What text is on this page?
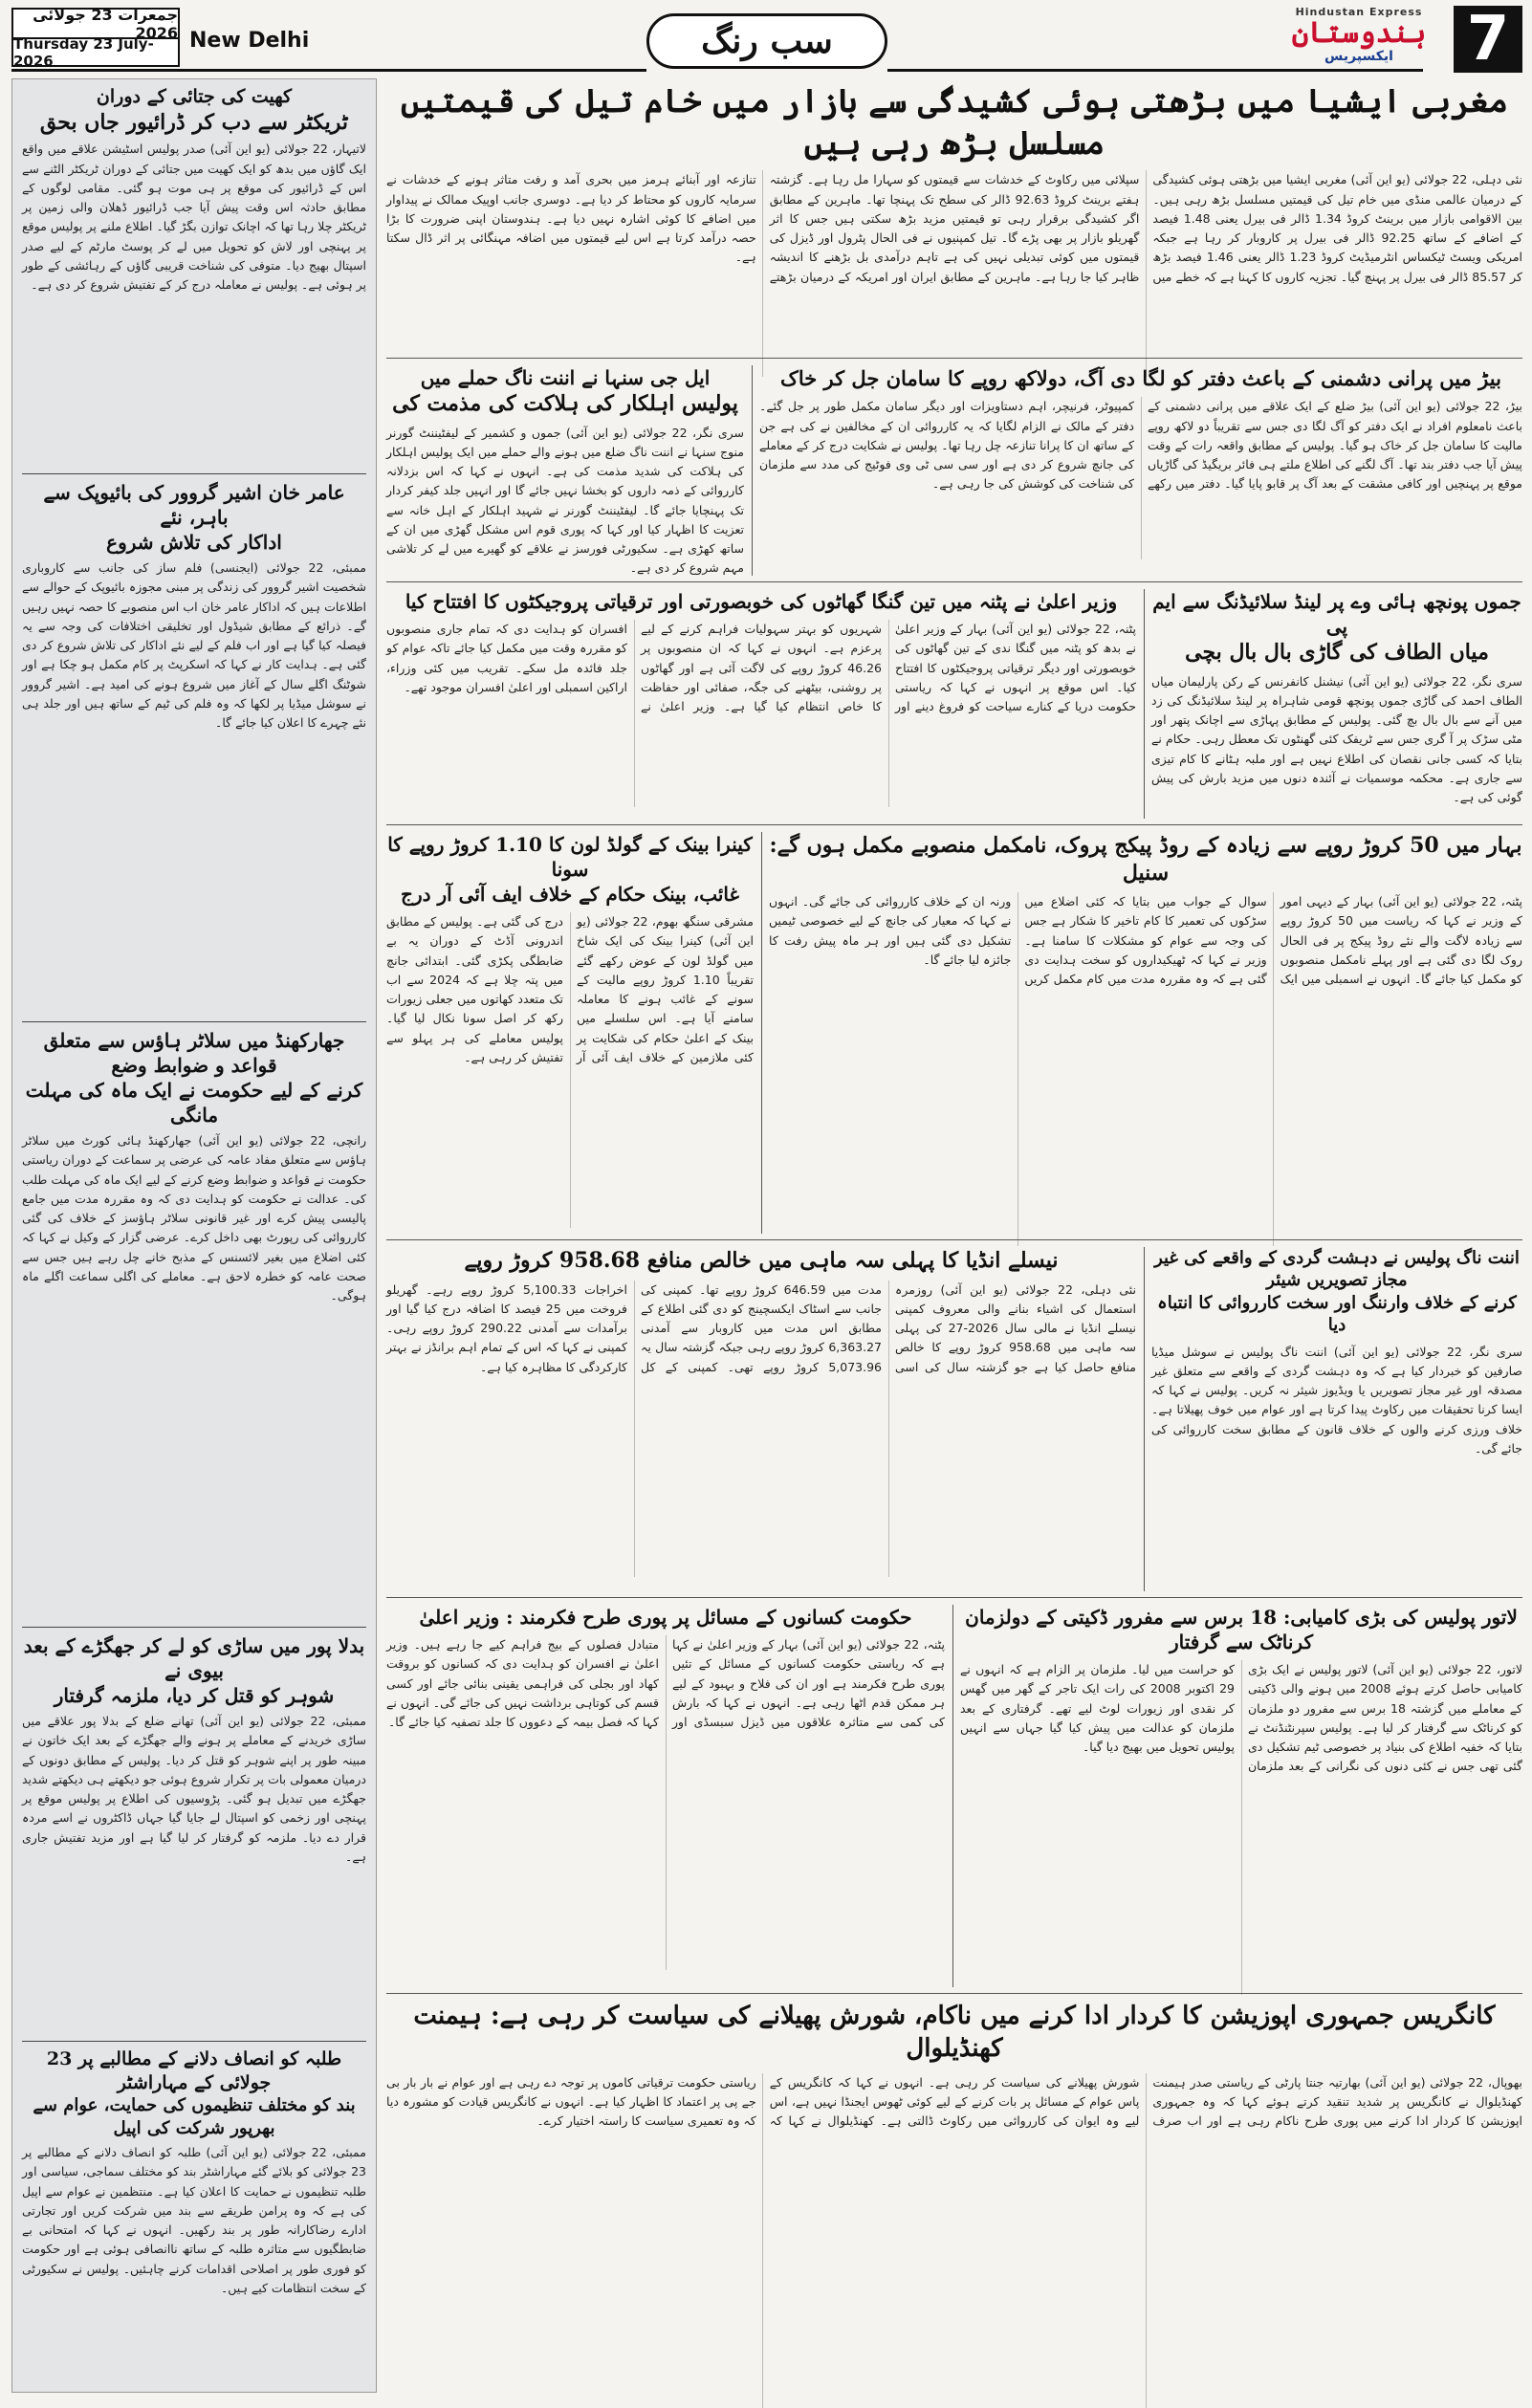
جمعرات 23 جولائی 2026
Thursday 23 July-2026
New Delhi	سب رنگ
Hindustan Express
ہندوستان
ایکسپریس	7
کھیت کی جتائی کے دوران
ٹریکٹر سے دب کر ڈرائیور جاں بحق
لاتیہار، 22 جولائی (یو این آئی) صدر پولیس اسٹیشن علاقے میں واقع ایک گاؤں میں بدھ کو ایک کھیت میں جتائی کے دوران ٹریکٹر الٹنے سے اس کے ڈرائیور کی موقع پر ہی موت ہو گئی۔ مقامی لوگوں کے مطابق حادثہ اس وقت پیش آیا جب ڈرائیور ڈھلان والی زمین پر ٹریکٹر چلا رہا تھا کہ اچانک توازن بگڑ گیا۔ اطلاع ملنے پر پولیس موقع پر پہنچی اور لاش کو تحویل میں لے کر پوسٹ مارٹم کے لیے صدر اسپتال بھیج دیا۔ متوفی کی شناخت قریبی گاؤں کے رہائشی کے طور پر ہوئی ہے۔ پولیس نے معاملہ درج کر کے تفتیش شروع کر دی ہے۔
عامر خان اشیر گروور کی بائیوپک سے باہر، نئے
اداکار کی تلاش شروع
ممبئی، 22 جولائی (ایجنسی) فلم ساز کی جانب سے کاروباری شخصیت اشیر گروور کی زندگی پر مبنی مجوزہ بائیوپک کے حوالے سے اطلاعات ہیں کہ اداکار عامر خان اب اس منصوبے کا حصہ نہیں رہیں گے۔ ذرائع کے مطابق شیڈول اور تخلیقی اختلافات کی وجہ سے یہ فیصلہ کیا گیا ہے اور اب فلم کے لیے نئے اداکار کی تلاش شروع کر دی گئی ہے۔ ہدایت کار نے کہا کہ اسکرپٹ پر کام مکمل ہو چکا ہے اور شوٹنگ اگلے سال کے آغاز میں شروع ہونے کی امید ہے۔ اشیر گروور نے سوشل میڈیا پر لکھا کہ وہ فلم کی ٹیم کے ساتھ ہیں اور جلد ہی نئے چہرے کا اعلان کیا جائے گا۔
جھارکھنڈ میں سلاٹر ہاؤس سے متعلق قواعد و ضوابط وضع
کرنے کے لیے حکومت نے ایک ماہ کی مہلت مانگی
رانچی، 22 جولائی (یو این آئی) جھارکھنڈ ہائی کورٹ میں سلاٹر ہاؤس سے متعلق مفاد عامہ کی عرضی پر سماعت کے دوران ریاستی حکومت نے قواعد و ضوابط وضع کرنے کے لیے ایک ماہ کی مہلت طلب کی۔ عدالت نے حکومت کو ہدایت دی کہ وہ مقررہ مدت میں جامع پالیسی پیش کرے اور غیر قانونی سلاٹر ہاؤسز کے خلاف کی گئی کارروائی کی رپورٹ بھی داخل کرے۔ عرضی گزار کے وکیل نے کہا کہ کئی اضلاع میں بغیر لائسنس کے مذبح خانے چل رہے ہیں جس سے صحت عامہ کو خطرہ لاحق ہے۔ معاملے کی اگلی سماعت اگلے ماہ ہوگی۔
بدلا پور میں ساڑی کو لے کر جھگڑے کے بعد بیوی نے
شوہر کو قتل کر دیا، ملزمہ گرفتار
ممبئی، 22 جولائی (یو این آئی) تھانے ضلع کے بدلا پور علاقے میں ساڑی خریدنے کے معاملے پر ہونے والے جھگڑے کے بعد ایک خاتون نے مبینہ طور پر اپنے شوہر کو قتل کر دیا۔ پولیس کے مطابق دونوں کے درمیان معمولی بات پر تکرار شروع ہوئی جو دیکھتے ہی دیکھتے شدید جھگڑے میں تبدیل ہو گئی۔ پڑوسیوں کی اطلاع پر پولیس موقع پر پہنچی اور زخمی کو اسپتال لے جایا گیا جہاں ڈاکٹروں نے اسے مردہ قرار دے دیا۔ ملزمہ کو گرفتار کر لیا گیا ہے اور مزید تفتیش جاری ہے۔
طلبہ کو انصاف دلانے کے مطالبے پر 23 جولائی کے مہاراشٹر
بند کو مختلف تنظیموں کی حمایت، عوام سے بھرپور شرکت کی اپیل
ممبئی، 22 جولائی (یو این آئی) طلبہ کو انصاف دلانے کے مطالبے پر 23 جولائی کو بلائے گئے مہاراشٹر بند کو مختلف سماجی، سیاسی اور طلبہ تنظیموں نے حمایت کا اعلان کیا ہے۔ منتظمین نے عوام سے اپیل کی ہے کہ وہ پرامن طریقے سے بند میں شرکت کریں اور تجارتی ادارے رضاکارانہ طور پر بند رکھیں۔ انہوں نے کہا کہ امتحانی بے ضابطگیوں سے متاثرہ طلبہ کے ساتھ ناانصافی ہوئی ہے اور حکومت کو فوری طور پر اصلاحی اقدامات کرنے چاہئیں۔ پولیس نے سکیورٹی کے سخت انتظامات کیے ہیں۔
مغربی ایشیا میں بڑھتی ہوئی کشیدگی سے بازار میں خام تیل کی قیمتیں مسلسل بڑھ رہی ہیں
نئی دہلی، 22 جولائی (یو این آئی) مغربی ایشیا میں بڑھتی ہوئی کشیدگی کے درمیان عالمی منڈی میں خام تیل کی قیمتیں مسلسل بڑھ رہی ہیں۔ بین الاقوامی بازار میں برینٹ کروڈ 1.34 ڈالر فی بیرل یعنی 1.48 فیصد کے اضافے کے ساتھ 92.25 ڈالر فی بیرل پر کاروبار کر رہا ہے جبکہ امریکی ویسٹ ٹیکساس انٹرمیڈیٹ کروڈ 1.23 ڈالر یعنی 1.46 فیصد بڑھ کر 85.57 ڈالر فی بیرل پر پہنچ گیا۔ تجزیہ کاروں کا کہنا ہے کہ خطے میں سپلائی میں رکاوٹ کے خدشات سے قیمتوں کو سہارا مل رہا ہے۔ گزشتہ ہفتے برینٹ کروڈ 92.63 ڈالر کی سطح تک پہنچا تھا۔ ماہرین کے مطابق اگر کشیدگی برقرار رہی تو قیمتیں مزید بڑھ سکتی ہیں جس کا اثر گھریلو بازار پر بھی پڑے گا۔ تیل کمپنیوں نے فی الحال پٹرول اور ڈیزل کی قیمتوں میں کوئی تبدیلی نہیں کی ہے تاہم درآمدی بل بڑھنے کا اندیشہ ظاہر کیا جا رہا ہے۔ ماہرین کے مطابق ایران اور امریکہ کے درمیان بڑھتے تنازعہ اور آبنائے ہرمز میں بحری آمد و رفت متاثر ہونے کے خدشات نے سرمایہ کاروں کو محتاط کر دیا ہے۔ دوسری جانب اوپیک ممالک نے پیداوار میں اضافے کا کوئی اشارہ نہیں دیا ہے۔ ہندوستان اپنی ضرورت کا بڑا حصہ درآمد کرتا ہے اس لیے قیمتوں میں اضافہ مہنگائی پر اثر ڈال سکتا ہے۔
بیڑ میں پرانی دشمنی کے باعث دفتر کو لگا دی آگ، دولاکھ روپے کا سامان جل کر خاک
بیڑ، 22 جولائی (یو این آئی) بیڑ ضلع کے ایک علاقے میں پرانی دشمنی کے باعث نامعلوم افراد نے ایک دفتر کو آگ لگا دی جس سے تقریباً دو لاکھ روپے مالیت کا سامان جل کر خاک ہو گیا۔ پولیس کے مطابق واقعہ رات کے وقت پیش آیا جب دفتر بند تھا۔ آگ لگنے کی اطلاع ملتے ہی فائر بریگیڈ کی گاڑیاں موقع پر پہنچیں اور کافی مشقت کے بعد آگ پر قابو پایا گیا۔ دفتر میں رکھے کمپیوٹر، فرنیچر، اہم دستاویزات اور دیگر سامان مکمل طور پر جل گئے۔ دفتر کے مالک نے الزام لگایا کہ یہ کارروائی ان کے مخالفین نے کی ہے جن کے ساتھ ان کا پرانا تنازعہ چل رہا تھا۔ پولیس نے شکایت درج کر کے معاملے کی جانچ شروع کر دی ہے اور سی سی ٹی وی فوٹیج کی مدد سے ملزمان کی شناخت کی کوشش کی جا رہی ہے۔
ایل جی سنہا نے اننت ناگ حملے میں
پولیس اہلکار کی ہلاکت کی مذمت کی
سری نگر، 22 جولائی (یو این آئی) جموں و کشمیر کے لیفٹیننٹ گورنر منوج سنہا نے اننت ناگ ضلع میں ہونے والے حملے میں ایک پولیس اہلکار کی ہلاکت کی شدید مذمت کی ہے۔ انہوں نے کہا کہ اس بزدلانہ کارروائی کے ذمہ داروں کو بخشا نہیں جائے گا اور انہیں جلد کیفر کردار تک پہنچایا جائے گا۔ لیفٹیننٹ گورنر نے شہید اہلکار کے اہل خانہ سے تعزیت کا اظہار کیا اور کہا کہ پوری قوم اس مشکل گھڑی میں ان کے ساتھ کھڑی ہے۔ سکیورٹی فورسز نے علاقے کو گھیرے میں لے کر تلاشی مہم شروع کر دی ہے۔
جموں پونچھ ہائی وے پر لینڈ سلائیڈنگ سے ایم پی
میاں الطاف کی گاڑی بال بال بچی
سری نگر، 22 جولائی (یو این آئی) نیشنل کانفرنس کے رکن پارلیمان میاں الطاف احمد کی گاڑی جموں پونچھ قومی شاہراہ پر لینڈ سلائیڈنگ کی زد میں آنے سے بال بال بچ گئی۔ پولیس کے مطابق پہاڑی سے اچانک پتھر اور مٹی سڑک پر آ گری جس سے ٹریفک کئی گھنٹوں تک معطل رہی۔ حکام نے بتایا کہ کسی جانی نقصان کی اطلاع نہیں ہے اور ملبہ ہٹانے کا کام تیزی سے جاری ہے۔ محکمہ موسمیات نے آئندہ دنوں میں مزید بارش کی پیش گوئی کی ہے۔
وزیر اعلیٰ نے پٹنہ میں تین گنگا گھاٹوں کی خوبصورتی اور ترقیاتی پروجیکٹوں کا افتتاح کیا
پٹنہ، 22 جولائی (یو این آئی) بہار کے وزیر اعلیٰ نے بدھ کو پٹنہ میں گنگا ندی کے تین گھاٹوں کی خوبصورتی اور دیگر ترقیاتی پروجیکٹوں کا افتتاح کیا۔ اس موقع پر انہوں نے کہا کہ ریاستی حکومت دریا کے کنارے سیاحت کو فروغ دینے اور شہریوں کو بہتر سہولیات فراہم کرنے کے لیے پرعزم ہے۔ انہوں نے کہا کہ ان منصوبوں پر 46.26 کروڑ روپے کی لاگت آئی ہے اور گھاٹوں پر روشنی، بیٹھنے کی جگہ، صفائی اور حفاظت کا خاص انتظام کیا گیا ہے۔ وزیر اعلیٰ نے افسران کو ہدایت دی کہ تمام جاری منصوبوں کو مقررہ وقت میں مکمل کیا جائے تاکہ عوام کو جلد فائدہ مل سکے۔ تقریب میں کئی وزراء، اراکین اسمبلی اور اعلیٰ افسران موجود تھے۔
بہار میں 50 کروڑ روپے سے زیادہ کے روڈ پیکج پروک، نامکمل منصوبے مکمل ہوں گے: سنیل
پٹنہ، 22 جولائی (یو این آئی) بہار کے دیہی امور کے وزیر نے کہا کہ ریاست میں 50 کروڑ روپے سے زیادہ لاگت والے نئے روڈ پیکج پر فی الحال روک لگا دی گئی ہے اور پہلے نامکمل منصوبوں کو مکمل کیا جائے گا۔ انہوں نے اسمبلی میں ایک سوال کے جواب میں بتایا کہ کئی اضلاع میں سڑکوں کی تعمیر کا کام تاخیر کا شکار ہے جس کی وجہ سے عوام کو مشکلات کا سامنا ہے۔ وزیر نے کہا کہ ٹھیکیداروں کو سخت ہدایت دی گئی ہے کہ وہ مقررہ مدت میں کام مکمل کریں ورنہ ان کے خلاف کارروائی کی جائے گی۔ انہوں نے کہا کہ معیار کی جانچ کے لیے خصوصی ٹیمیں تشکیل دی گئی ہیں اور ہر ماہ پیش رفت کا جائزہ لیا جائے گا۔
کینرا بینک کے گولڈ لون کا 1.10 کروڑ روپے کا سونا
غائب، بینک حکام کے خلاف ایف آئی آر درج
مشرقی سنگھ بھوم، 22 جولائی (یو این آئی) کینرا بینک کی ایک شاخ میں گولڈ لون کے عوض رکھے گئے تقریباً 1.10 کروڑ روپے مالیت کے سونے کے غائب ہونے کا معاملہ سامنے آیا ہے۔ اس سلسلے میں بینک کے اعلیٰ حکام کی شکایت پر کئی ملازمین کے خلاف ایف آئی آر درج کی گئی ہے۔ پولیس کے مطابق اندرونی آڈٹ کے دوران یہ بے ضابطگی پکڑی گئی۔ ابتدائی جانچ میں پتہ چلا ہے کہ 2024 سے اب تک متعدد کھاتوں میں جعلی زیورات رکھ کر اصل سونا نکال لیا گیا۔ پولیس معاملے کی ہر پہلو سے تفتیش کر رہی ہے۔
اننت ناگ پولیس نے دہشت گردی کے واقعے کی غیر مجاز تصویریں شیئر
کرنے کے خلاف وارننگ اور سخت کارروائی کا انتباہ دیا
سری نگر، 22 جولائی (یو این آئی) اننت ناگ پولیس نے سوشل میڈیا صارفین کو خبردار کیا ہے کہ وہ دہشت گردی کے واقعے سے متعلق غیر مصدقہ اور غیر مجاز تصویریں یا ویڈیوز شیئر نہ کریں۔ پولیس نے کہا کہ ایسا کرنا تحقیقات میں رکاوٹ پیدا کرتا ہے اور عوام میں خوف پھیلاتا ہے۔ خلاف ورزی کرنے والوں کے خلاف قانون کے مطابق سخت کارروائی کی جائے گی۔
نیسلے انڈیا کا پہلی سہ ماہی میں خالص منافع 958.68 کروڑ روپے
نئی دہلی، 22 جولائی (یو این آئی) روزمرہ استعمال کی اشیاء بنانے والی معروف کمپنی نیسلے انڈیا نے مالی سال 2026-27 کی پہلی سہ ماہی میں 958.68 کروڑ روپے کا خالص منافع حاصل کیا ہے جو گزشتہ سال کی اسی مدت میں 646.59 کروڑ روپے تھا۔ کمپنی کی جانب سے اسٹاک ایکسچینج کو دی گئی اطلاع کے مطابق اس مدت میں کاروبار سے آمدنی 6,363.27 کروڑ روپے رہی جبکہ گزشتہ سال یہ 5,073.96 کروڑ روپے تھی۔ کمپنی کے کل اخراجات 5,100.33 کروڑ روپے رہے۔ گھریلو فروخت میں 25 فیصد کا اضافہ درج کیا گیا اور برآمدات سے آمدنی 290.22 کروڑ روپے رہی۔ کمپنی نے کہا کہ اس کے تمام اہم برانڈز نے بہتر کارکردگی کا مظاہرہ کیا ہے۔
لاتور پولیس کی بڑی کامیابی: 18 برس سے مفرور ڈکیتی کے دولزمان کرناٹک سے گرفتار
لاتور، 22 جولائی (یو این آئی) لاتور پولیس نے ایک بڑی کامیابی حاصل کرتے ہوئے 2008 میں ہونے والی ڈکیتی کے معاملے میں گزشتہ 18 برس سے مفرور دو ملزمان کو کرناٹک سے گرفتار کر لیا ہے۔ پولیس سپرنٹنڈنٹ نے بتایا کہ خفیہ اطلاع کی بنیاد پر خصوصی ٹیم تشکیل دی گئی تھی جس نے کئی دنوں کی نگرانی کے بعد ملزمان کو حراست میں لیا۔ ملزمان پر الزام ہے کہ انہوں نے 29 اکتوبر 2008 کی رات ایک تاجر کے گھر میں گھس کر نقدی اور زیورات لوٹ لیے تھے۔ گرفتاری کے بعد ملزمان کو عدالت میں پیش کیا گیا جہاں سے انہیں پولیس تحویل میں بھیج دیا گیا۔
حکومت کسانوں کے مسائل پر پوری طرح فکرمند : وزیر اعلیٰ
پٹنہ، 22 جولائی (یو این آئی) بہار کے وزیر اعلیٰ نے کہا ہے کہ ریاستی حکومت کسانوں کے مسائل کے تئیں پوری طرح فکرمند ہے اور ان کی فلاح و بہبود کے لیے ہر ممکن قدم اٹھا رہی ہے۔ انہوں نے کہا کہ بارش کی کمی سے متاثرہ علاقوں میں ڈیزل سبسڈی اور متبادل فصلوں کے بیج فراہم کیے جا رہے ہیں۔ وزیر اعلیٰ نے افسران کو ہدایت دی کہ کسانوں کو بروقت کھاد اور بجلی کی فراہمی یقینی بنائی جائے اور کسی قسم کی کوتاہی برداشت نہیں کی جائے گی۔ انہوں نے کہا کہ فصل بیمہ کے دعووں کا جلد تصفیہ کیا جائے گا۔
کانگریس جمہوری اپوزیشن کا کردار ادا کرنے میں ناکام، شورش پھیلانے کی سیاست کر رہی ہے: ہیمنت کھنڈیلوال
بھوپال، 22 جولائی (یو این آئی) بھارتیہ جنتا پارٹی کے ریاستی صدر ہیمنت کھنڈیلوال نے کانگریس پر شدید تنقید کرتے ہوئے کہا کہ وہ جمہوری اپوزیشن کا کردار ادا کرنے میں پوری طرح ناکام رہی ہے اور اب صرف شورش پھیلانے کی سیاست کر رہی ہے۔ انہوں نے کہا کہ کانگریس کے پاس عوام کے مسائل پر بات کرنے کے لیے کوئی ٹھوس ایجنڈا نہیں ہے، اس لیے وہ ایوان کی کارروائی میں رکاوٹ ڈالتی ہے۔ کھنڈیلوال نے کہا کہ ریاستی حکومت ترقیاتی کاموں پر توجہ دے رہی ہے اور عوام نے بار بار بی جے پی پر اعتماد کا اظہار کیا ہے۔ انہوں نے کانگریس قیادت کو مشورہ دیا کہ وہ تعمیری سیاست کا راستہ اختیار کرے۔
